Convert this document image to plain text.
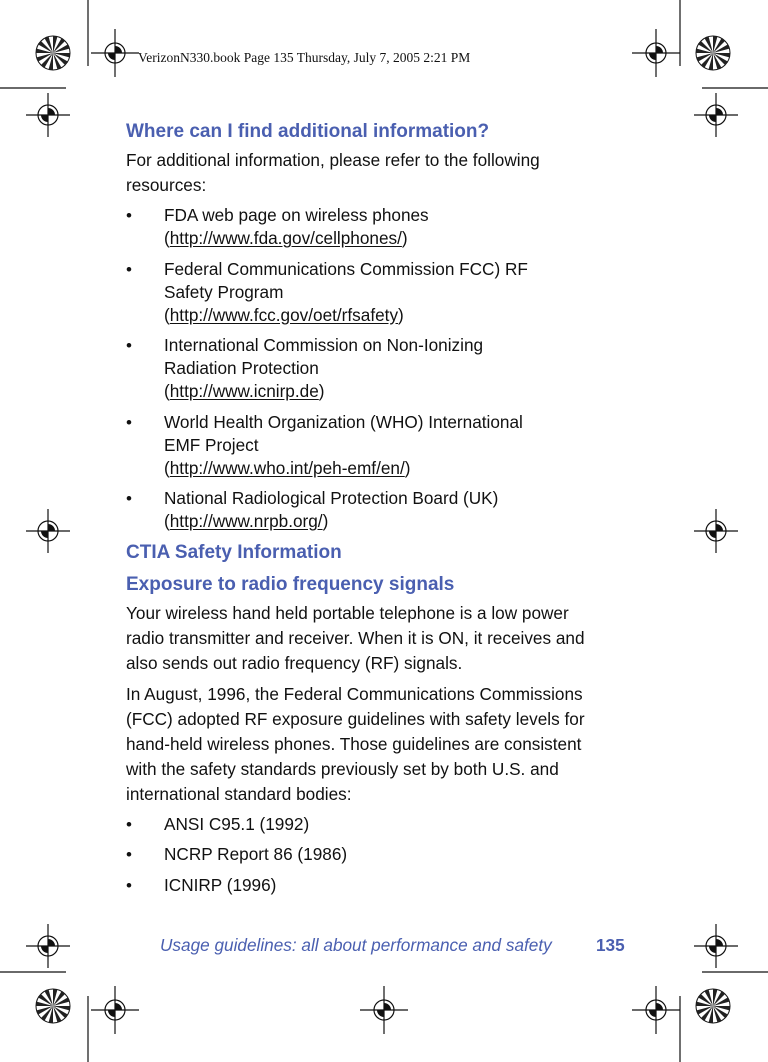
VerizonN330.book Page 135 Thursday, July 7, 2005 2:21 PM
Where can I find additional information?

For additional information, please refer to the following
resources:

• FDA web page on wireless phones
(http://www.fda.gov/cellphones/)
• Federal Communications Commission FCC) RF
Safety Program
(http://www.fcc.gov/oet/rfsafety)
• International Commission on Non-Ionizing
Radiation Protection
(http://www.icnirp.de)
• World Health Organization (WHO) International
EMF Project
(http://www.who.int/peh-emf/en/)
• National Radiological Protection Board (UK)
(http://www.nrpb.org/)
CTIA Safety Information
Exposure to radio frequency signals

Your wireless hand held portable telephone is a low power
radio transmitter and receiver. When it is ON, it receives and
also sends out radio frequency (RF) signals.

In August, 1996, the Federal Communications Commissions
(FCC) adopted RF exposure guidelines with safety levels for
hand-held wireless phones. Those guidelines are consistent
with the safety standards previously set by both U.S. and
international standard bodies:

• ANSI C95.1 (1992)
• NCRP Report 86 (1986)
• ICNIRP (1996)
Usage guidelines: all about performance and safety	135
